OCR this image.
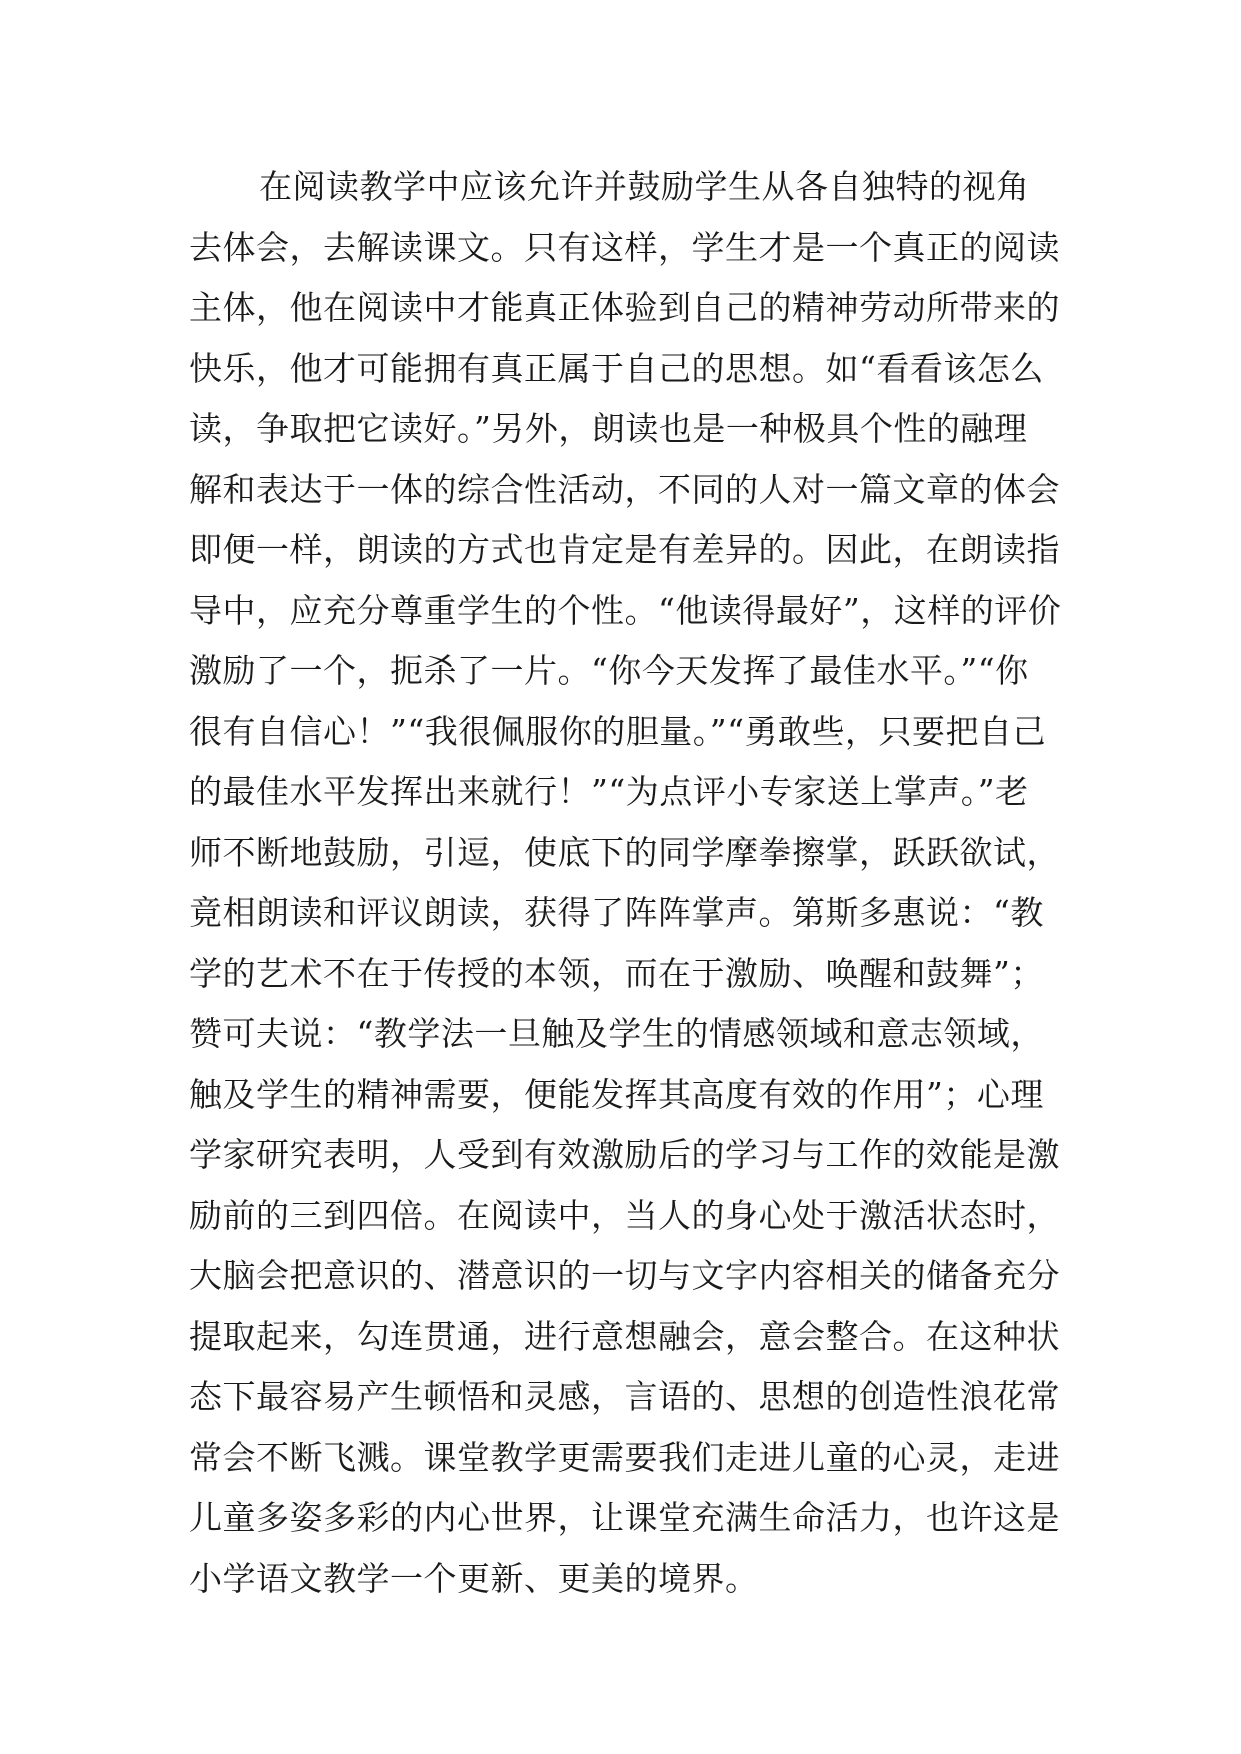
在阅读教学中应该允许并鼓励学生从各自独特的视角
去体会，去解读课文。只有这样，学生才是一个真正的阅读
主体，他在阅读中才能真正体验到自己的精神劳动所带来的
快乐，他才可能拥有真正属于自己的思想。如“看看该怎么
读，争取把它读好。”另外，朗读也是一种极具个性的融理
解和表达于一体的综合性活动，不同的人对一篇文章的体会
即便一样，朗读的方式也肯定是有差异的。因此，在朗读指
导中，应充分尊重学生的个性。“他读得最好”，这样的评价
激励了一个，扼杀了一片。“你今天发挥了最佳水平。”“你
很有自信心！”“我很佩服你的胆量。”“勇敢些，只要把自己
的最佳水平发挥出来就行！”“为点评小专家送上掌声。”老
师不断地鼓励，引逗，使底下的同学摩拳擦掌，跃跃欲试，
竟相朗读和评议朗读，获得了阵阵掌声。第斯多惠说：“教
学的艺术不在于传授的本领，而在于激励、唤醒和鼓舞”；
赞可夫说：“教学法一旦触及学生的情感领域和意志领域，
触及学生的精神需要，便能发挥其高度有效的作用”；心理
学家研究表明，人受到有效激励后的学习与工作的效能是激
励前的三到四倍。在阅读中，当人的身心处于激活状态时，
大脑会把意识的、潜意识的一切与文字内容相关的储备充分
提取起来，勾连贯通，进行意想融会，意会整合。在这种状
态下最容易产生顿悟和灵感，言语的、思想的创造性浪花常
常会不断飞溅。课堂教学更需要我们走进儿童的心灵，走进
儿童多姿多彩的内心世界，让课堂充满生命活力，也许这是
小学语文教学一个更新、更美的境界。
